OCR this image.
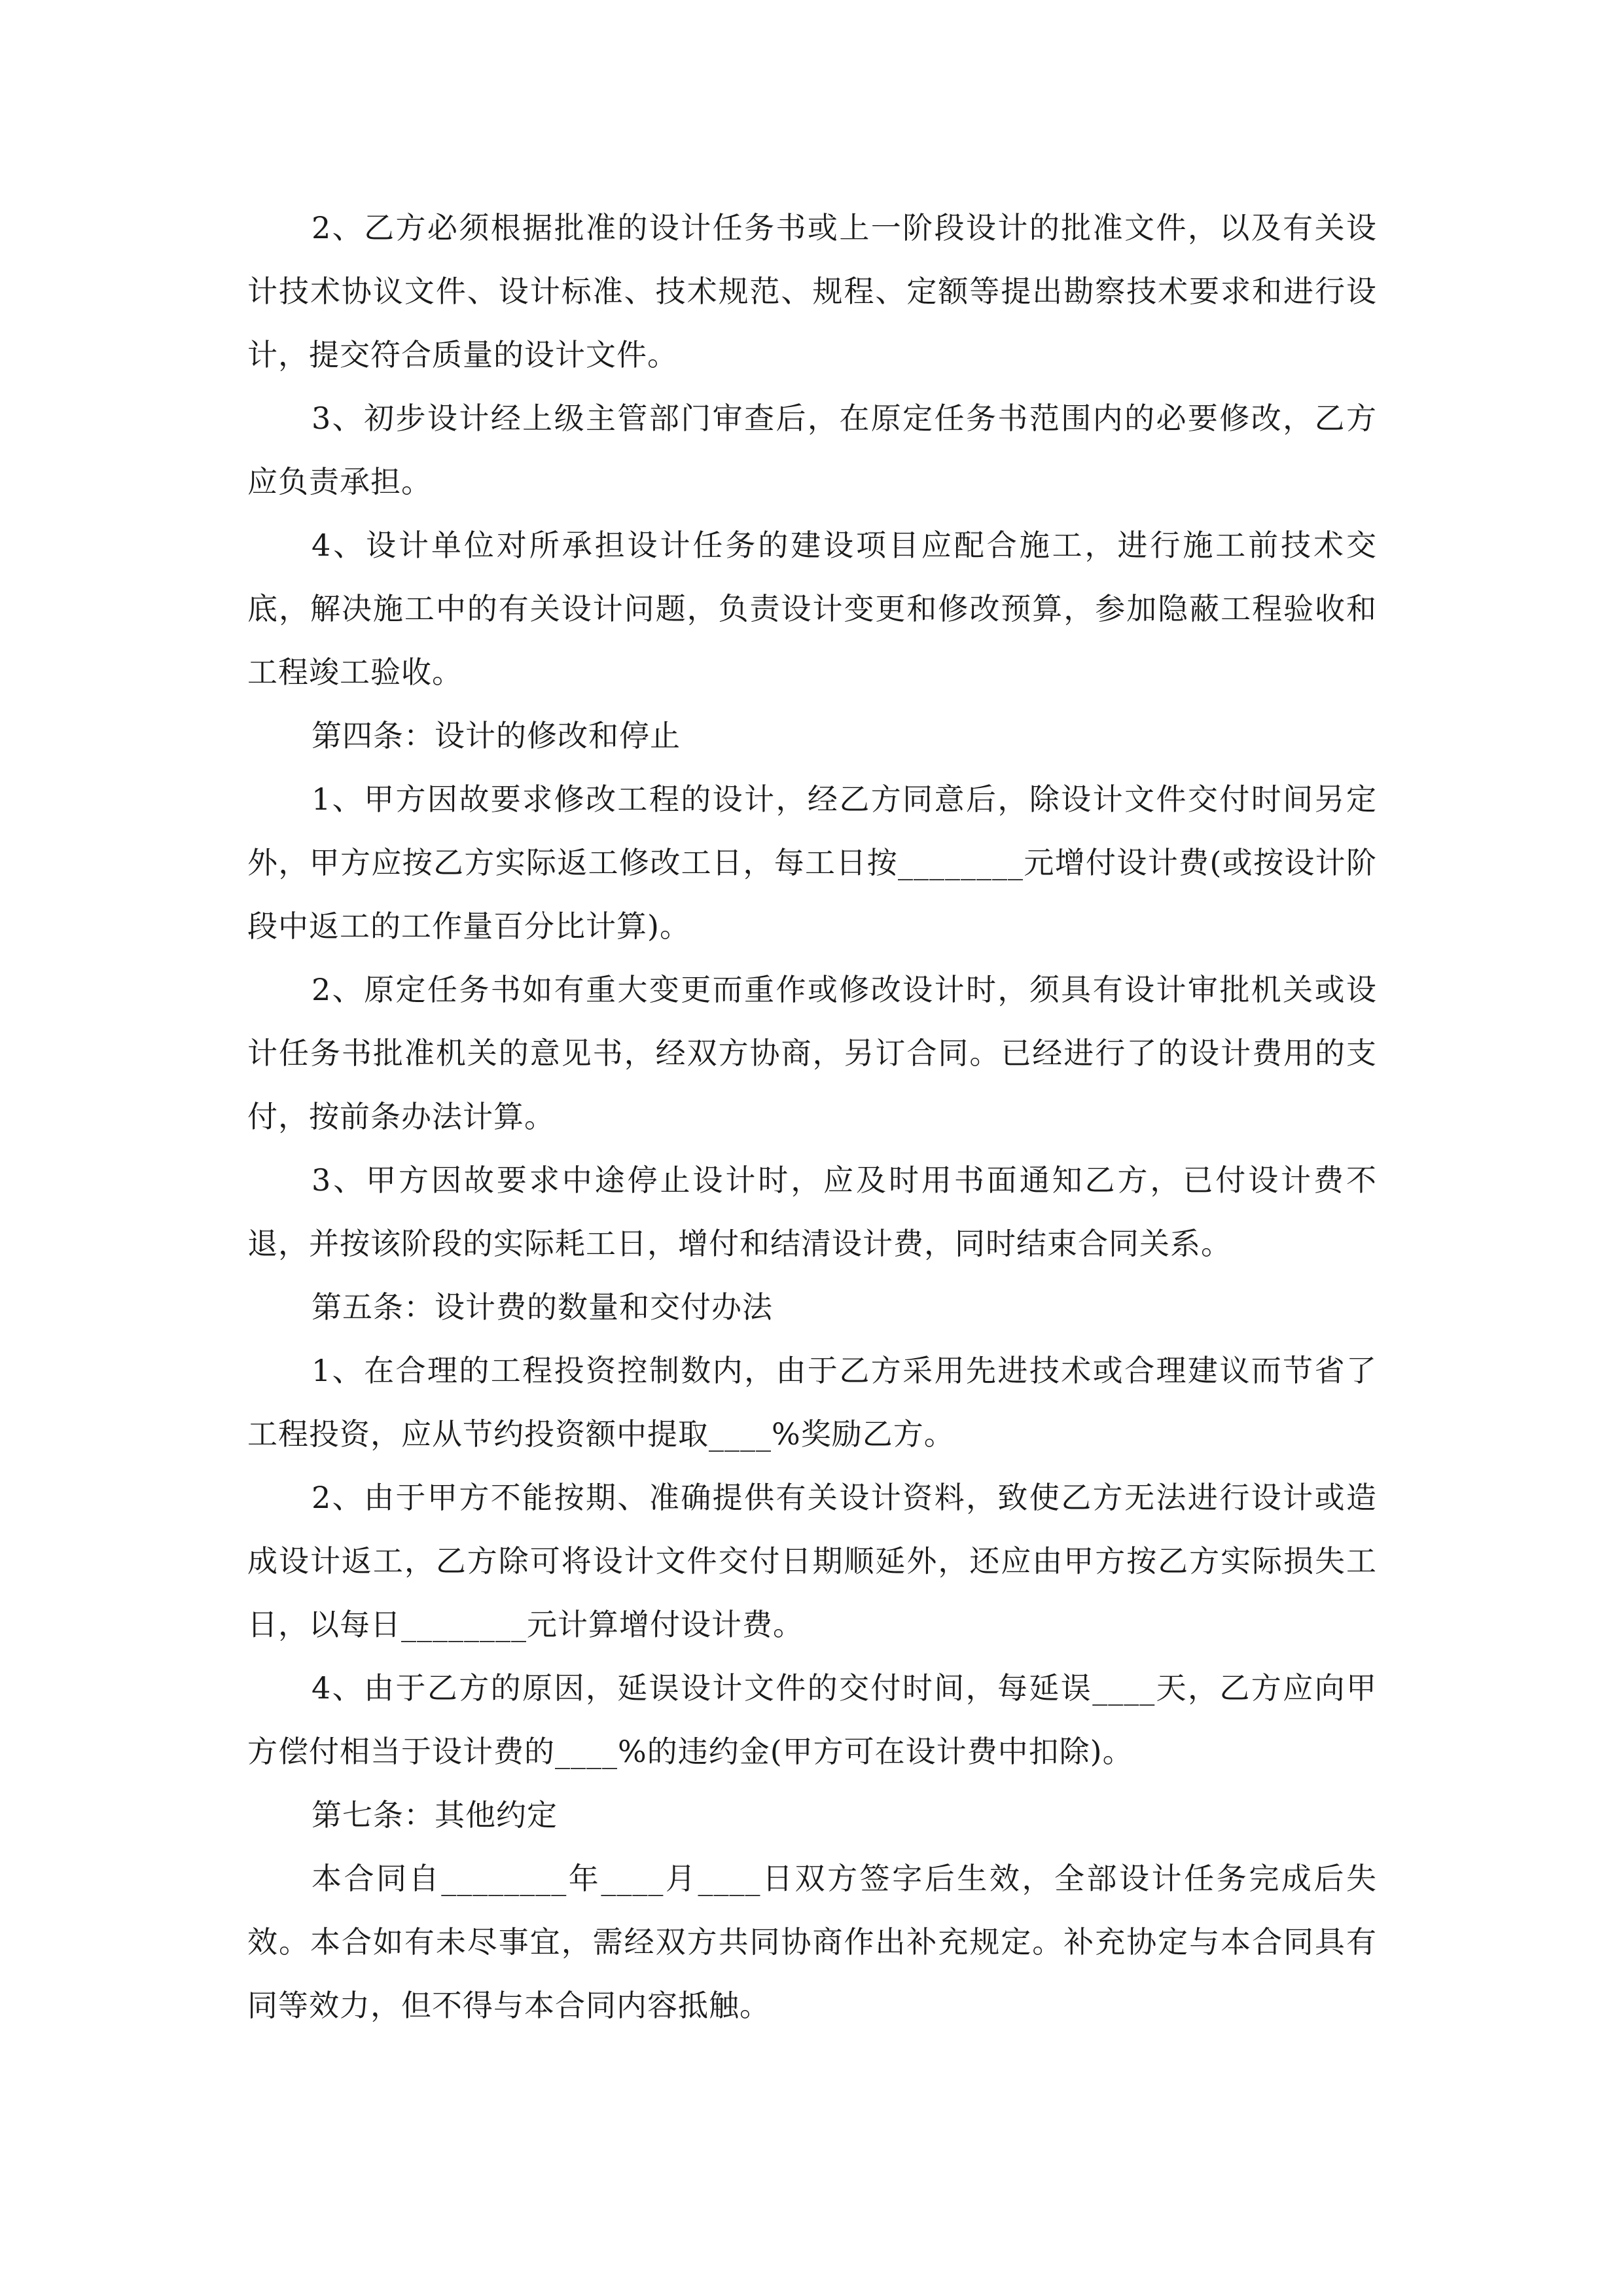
2、乙方必须根据批准的设计任务书或上一阶段设计的批准文件，以及有关设计技术协议文件、设计标准、技术规范、规程、定额等提出勘察技术要求和进行设计，提交符合质量的设计文件。

3、初步设计经上级主管部门审查后，在原定任务书范围内的必要修改，乙方应负责承担。

4、设计单位对所承担设计任务的建设项目应配合施工，进行施工前技术交底，解决施工中的有关设计问题，负责设计变更和修改预算，参加隐蔽工程验收和工程竣工验收。

第四条：设计的修改和停止

1、甲方因故要求修改工程的设计，经乙方同意后，除设计文件交付时间另定外，甲方应按乙方实际返工修改工日，每工日按________元增付设计费(或按设计阶段中返工的工作量百分比计算)。

2、原定任务书如有重大变更而重作或修改设计时，须具有设计审批机关或设计任务书批准机关的意见书，经双方协商，另订合同。已经进行了的设计费用的支付，按前条办法计算。

3、甲方因故要求中途停止设计时，应及时用书面通知乙方，已付设计费不退，并按该阶段的实际耗工日，增付和结清设计费，同时结束合同关系。

第五条：设计费的数量和交付办法

1、在合理的工程投资控制数内，由于乙方采用先进技术或合理建议而节省了工程投资，应从节约投资额中提取____%奖励乙方。

2、由于甲方不能按期、准确提供有关设计资料，致使乙方无法进行设计或造成设计返工，乙方除可将设计文件交付日期顺延外，还应由甲方按乙方实际损失工日，以每日________元计算增付设计费。

4、由于乙方的原因，延误设计文件的交付时间，每延误____天，乙方应向甲方偿付相当于设计费的____%的违约金(甲方可在设计费中扣除)。

第七条：其他约定

本合同自________年____月____日双方签字后生效，全部设计任务完成后失效。本合如有未尽事宜，需经双方共同协商作出补充规定。补充协定与本合同具有同等效力，但不得与本合同内容抵触。
